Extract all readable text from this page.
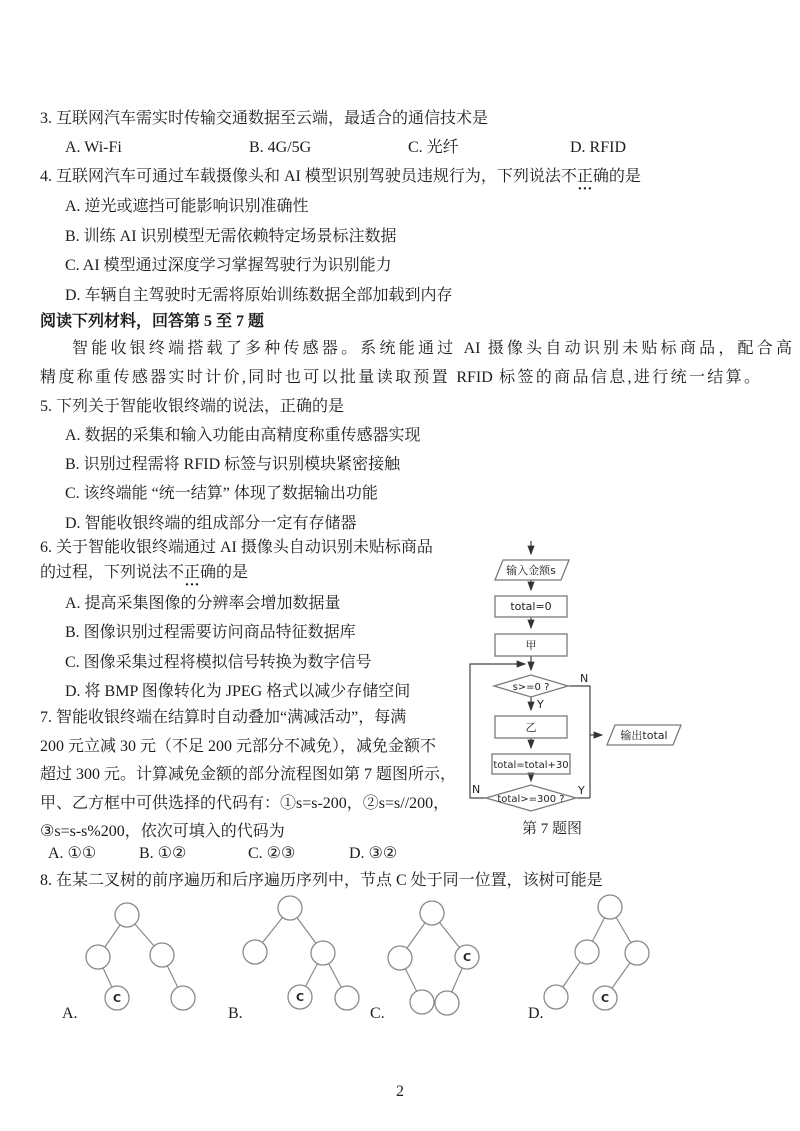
3. 互联网汽车需实时传输交通数据至云端，最适合的通信技术是
A. Wi-Fi	B. 4G/5G	C. 光纤	D. RFID
4. 互联网汽车可通过车载摄像头和 AI 模型识别驾驶员违规行为，下列说法不正确 ···的是
A. 逆光或遮挡可能影响识别准确性
B. 训练 AI 识别模型无需依赖特定场景标注数据
C. AI 模型通过深度学习掌握驾驶行为识别能力
D. 车辆自主驾驶时无需将原始训练数据全部加载到内存
阅读下列材料，回答第 5 至 7 题
智能收银终端搭载了多种传感器。系统能通过 AI 摄像头自动识别未贴标商品，配合高
精度称重传感器实时计价,同时也可以批量读取预置 RFID 标签的商品信息,进行统一结算。
5. 下列关于智能收银终端的说法，正确的是
A. 数据的采集和输入功能由高精度称重传感器实现
B. 识别过程需将 RFID 标签与识别模块紧密接触
C. 该终端能 “统一结算” 体现了数据输出功能
D. 智能收银终端的组成部分一定有存储器
6. 关于智能收银终端通过 AI 摄像头自动识别未贴标商品
的过程，下列说法不正确 ···的是
A. 提高采集图像的分辨率会增加数据量
B. 图像识别过程需要访问商品特征数据库
C. 图像采集过程将模拟信号转换为数字信号
D. 将 BMP 图像转化为 JPEG 格式以减少存储空间
7. 智能收银终端在结算时自动叠加“满减活动”，每满
200 元立减 30 元（不足 200 元部分不减免），减免金额不
超过 300 元。计算减免金额的部分流程图如第 7 题图所示，
甲、乙方框中可供选择的代码有：①s=s-200，②s=s//200，
③s=s-s%200，依次可填入的代码为
A. ①①	B. ①②	C. ②③	D. ③②
8. 在某二叉树的前序遍历和后序遍历序列中，节点 C 处于同一位置，该树可能是
输入金额s
total=0
甲
s>=0 ?
乙
total=total+30
total>=300 ?
输出total
N
Y
N	Y
第 7 题图
C
A.
C
B.
C
C.
C
D.
2
